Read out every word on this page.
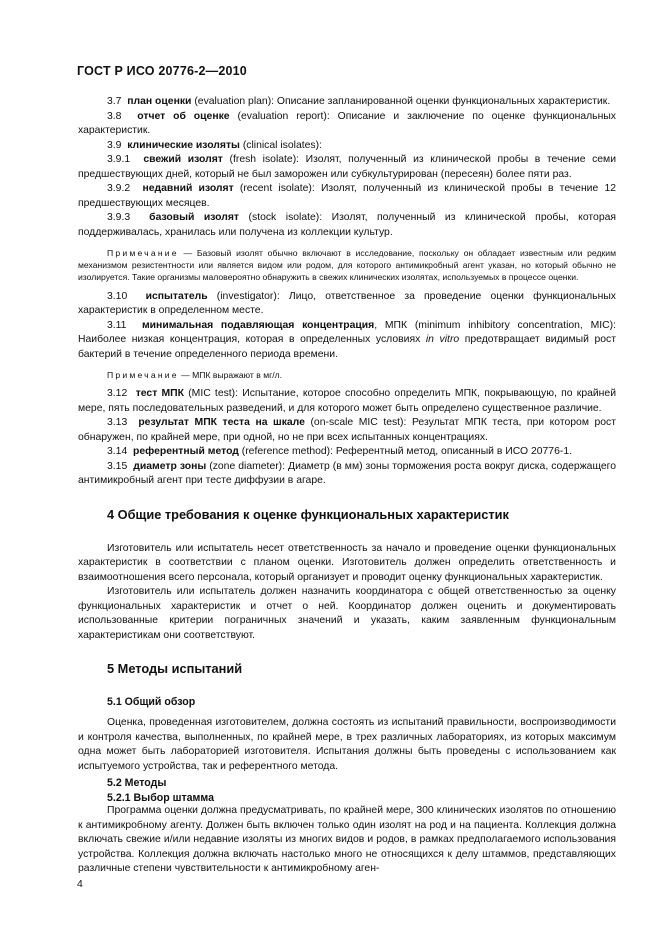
ГОСТ Р ИСО 20776-2—2010

3.7 план оценки (evaluation plan): Описание запланированной оценки функциональных характеристик.

3.8 отчет об оценке (evaluation report): Описание и заключение по оценке функциональных характеристик.

3.9 клинические изоляты (clinical isolates):

3.9.1 свежий изолят (fresh isolate): Изолят, полученный из клинической пробы в течение семи предшествующих дней, который не был заморожен или субкультурирован (пересеян) более пяти раз.

3.9.2 недавний изолят (recent isolate): Изолят, полученный из клинической пробы в течение 12 предшествующих месяцев.

3.9.3 базовый изолят (stock isolate): Изолят, полученный из клинической пробы, которая поддерживалась, хранилась или получена из коллекции культур.

Примечание — Базовый изолят обычно включают в исследование, поскольку он обладает известным или редким механизмом резистентности или является видом или родом, для которого антимикробный агент указан, но который обычно не изолируется. Такие организмы маловероятно обнаружить в свежих клинических изолятах, используемых в процессе оценки.

3.10 испытатель (investigator): Лицо, ответственное за проведение оценки функциональных характеристик в определенном месте.

3.11 минимальная подавляющая концентрация, МПК (minimum inhibitory concentration, MIC): Наиболее низкая концентрация, которая в определенных условиях in vitro предотвращает видимый рост бактерий в течение определенного периода времени.

Примечание — МПК выражают в мг/л.

3.12 тест МПК (MIC test): Испытание, которое способно определить МПК, покрывающую, по крайней мере, пять последовательных разведений, и для которого может быть определено существенное различие.

3.13 результат МПК теста на шкале (on-scale MIC test): Результат МПК теста, при котором рост обнаружен, по крайней мере, при одной, но не при всех испытанных концентрациях.

3.14 референтный метод (reference method): Референтный метод, описанный в ИСО 20776-1.

3.15 диаметр зоны (zone diameter): Диаметр (в мм) зоны торможения роста вокруг диска, содержащего антимикробный агент при тесте диффузии в агаре.

4 Общие требования к оценке функциональных характеристик

Изготовитель или испытатель несет ответственность за начало и проведение оценки функциональных характеристик в соответствии с планом оценки. Изготовитель должен определить ответственность и взаимоотношения всего персонала, который организует и проводит оценку функциональных характеристик.

Изготовитель или испытатель должен назначить координатора с общей ответственностью за оценку функциональных характеристик и отчет о ней. Координатор должен оценить и документировать использованные критерии пограничных значений и указать, каким заявленным функциональным характеристикам они соответствуют.

5 Методы испытаний
5.1 Общий обзор

Оценка, проведенная изготовителем, должна состоять из испытаний правильности, воспроизводимости и контроля качества, выполненных, по крайней мере, в трех различных лабораториях, из которых максимум одна может быть лабораторией изготовителя. Испытания должны быть проведены с использованием как испытуемого устройства, так и референтного метода.

5.2 Методы
5.2.1 Выбор штамма

Программа оценки должна предусматривать, по крайней мере, 300 клинических изолятов по отношению к антимикробному агенту. Должен быть включен только один изолят на род и на пациента. Коллекция должна включать свежие и/или недавние изоляты из многих видов и родов, в рамках предполагаемого использования устройства. Коллекция должна включать настолько много не относящихся к делу штаммов, представляющих различные степени чувствительности к антимикробному аген-

4
